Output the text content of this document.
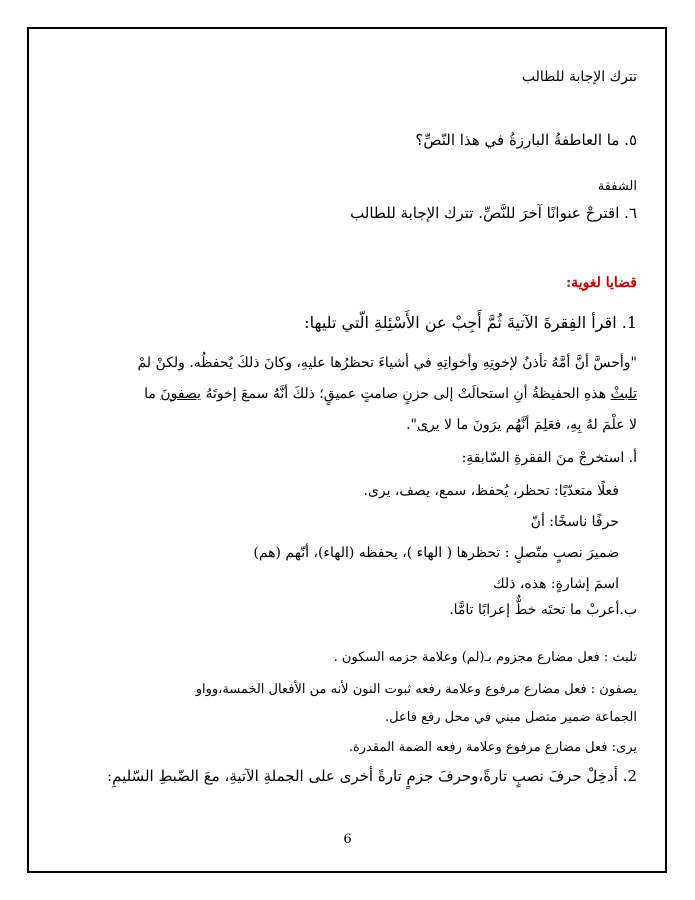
تترك الإجابة للطالب
٥. ما العاطفةُ البارزةُ في هذا النّصِّ؟
الشفقة
٦. اقترحْ عنوانًا آخرَ للنَّصِّ. تترك الإجابة للطالب
قضايا لغوية:
1. اقرأ الفِقرةَ الآتيةَ ثُمَّ أَجِبْ عن الأَسْئِلةِ الّتي تليها:
"وأحسَّ أنَّ أمَّهُ تأذنُ لإخوتِهِ وأخواتِهِ في أشياءَ تحظرُها عليهِ، وكانَ ذلكَ يُحفظُه. ولكنْ لمْ
تلبثْ هذهِ الحفيظةُ أنِ استحالَتْ إلى حزنٍ صامتٍ عميقٍ؛ ذلكَ أنَّهُ سمعَ إخوتَهُ يصفونَ ما
لا علْمَ لهُ بِهِ، فعَلِمَ أنَّهُم يرَونَ ما لا يرى".
أ. استخرجْ منَ الفقرةِ السّابقةِ:
فعلًا متعدّيًا: تحظر، يُحفظ، سمع، يصف، يرى.
حرفًا ناسخًا: أنّ
ضميرَ نصبٍ متّصلٍ : تحظرها ( الهاء )، يحفظه (الهاء)، أنّهم (هم)
اسمَ إشارةٍ: هذه، ذلك
ب.أعربْ ما تحتَه خطٌّ إعرابًا تامًّا.
تلبث : فعل مضارع مجزوم بـ(لم) وعلامة جزمه السكون .
يصفون : فعل مضارع مرفوع وعلامة رفعه ثبوت النون لأنه من الأفعال الخمسة،وواو
الجماعة ضمير متصل مبني في محل رفع فاعل.
يرى: فعل مضارع مرفوع وعلامة رفعه الضمة المقدرة.
2. أدخِلْ حرفَ نصبٍ تارةً،وحرفَ جزمٍ تارةً أخرى على الجملةِ الآتيةِ، معَ الضّبطِ السّليمِ:
6
